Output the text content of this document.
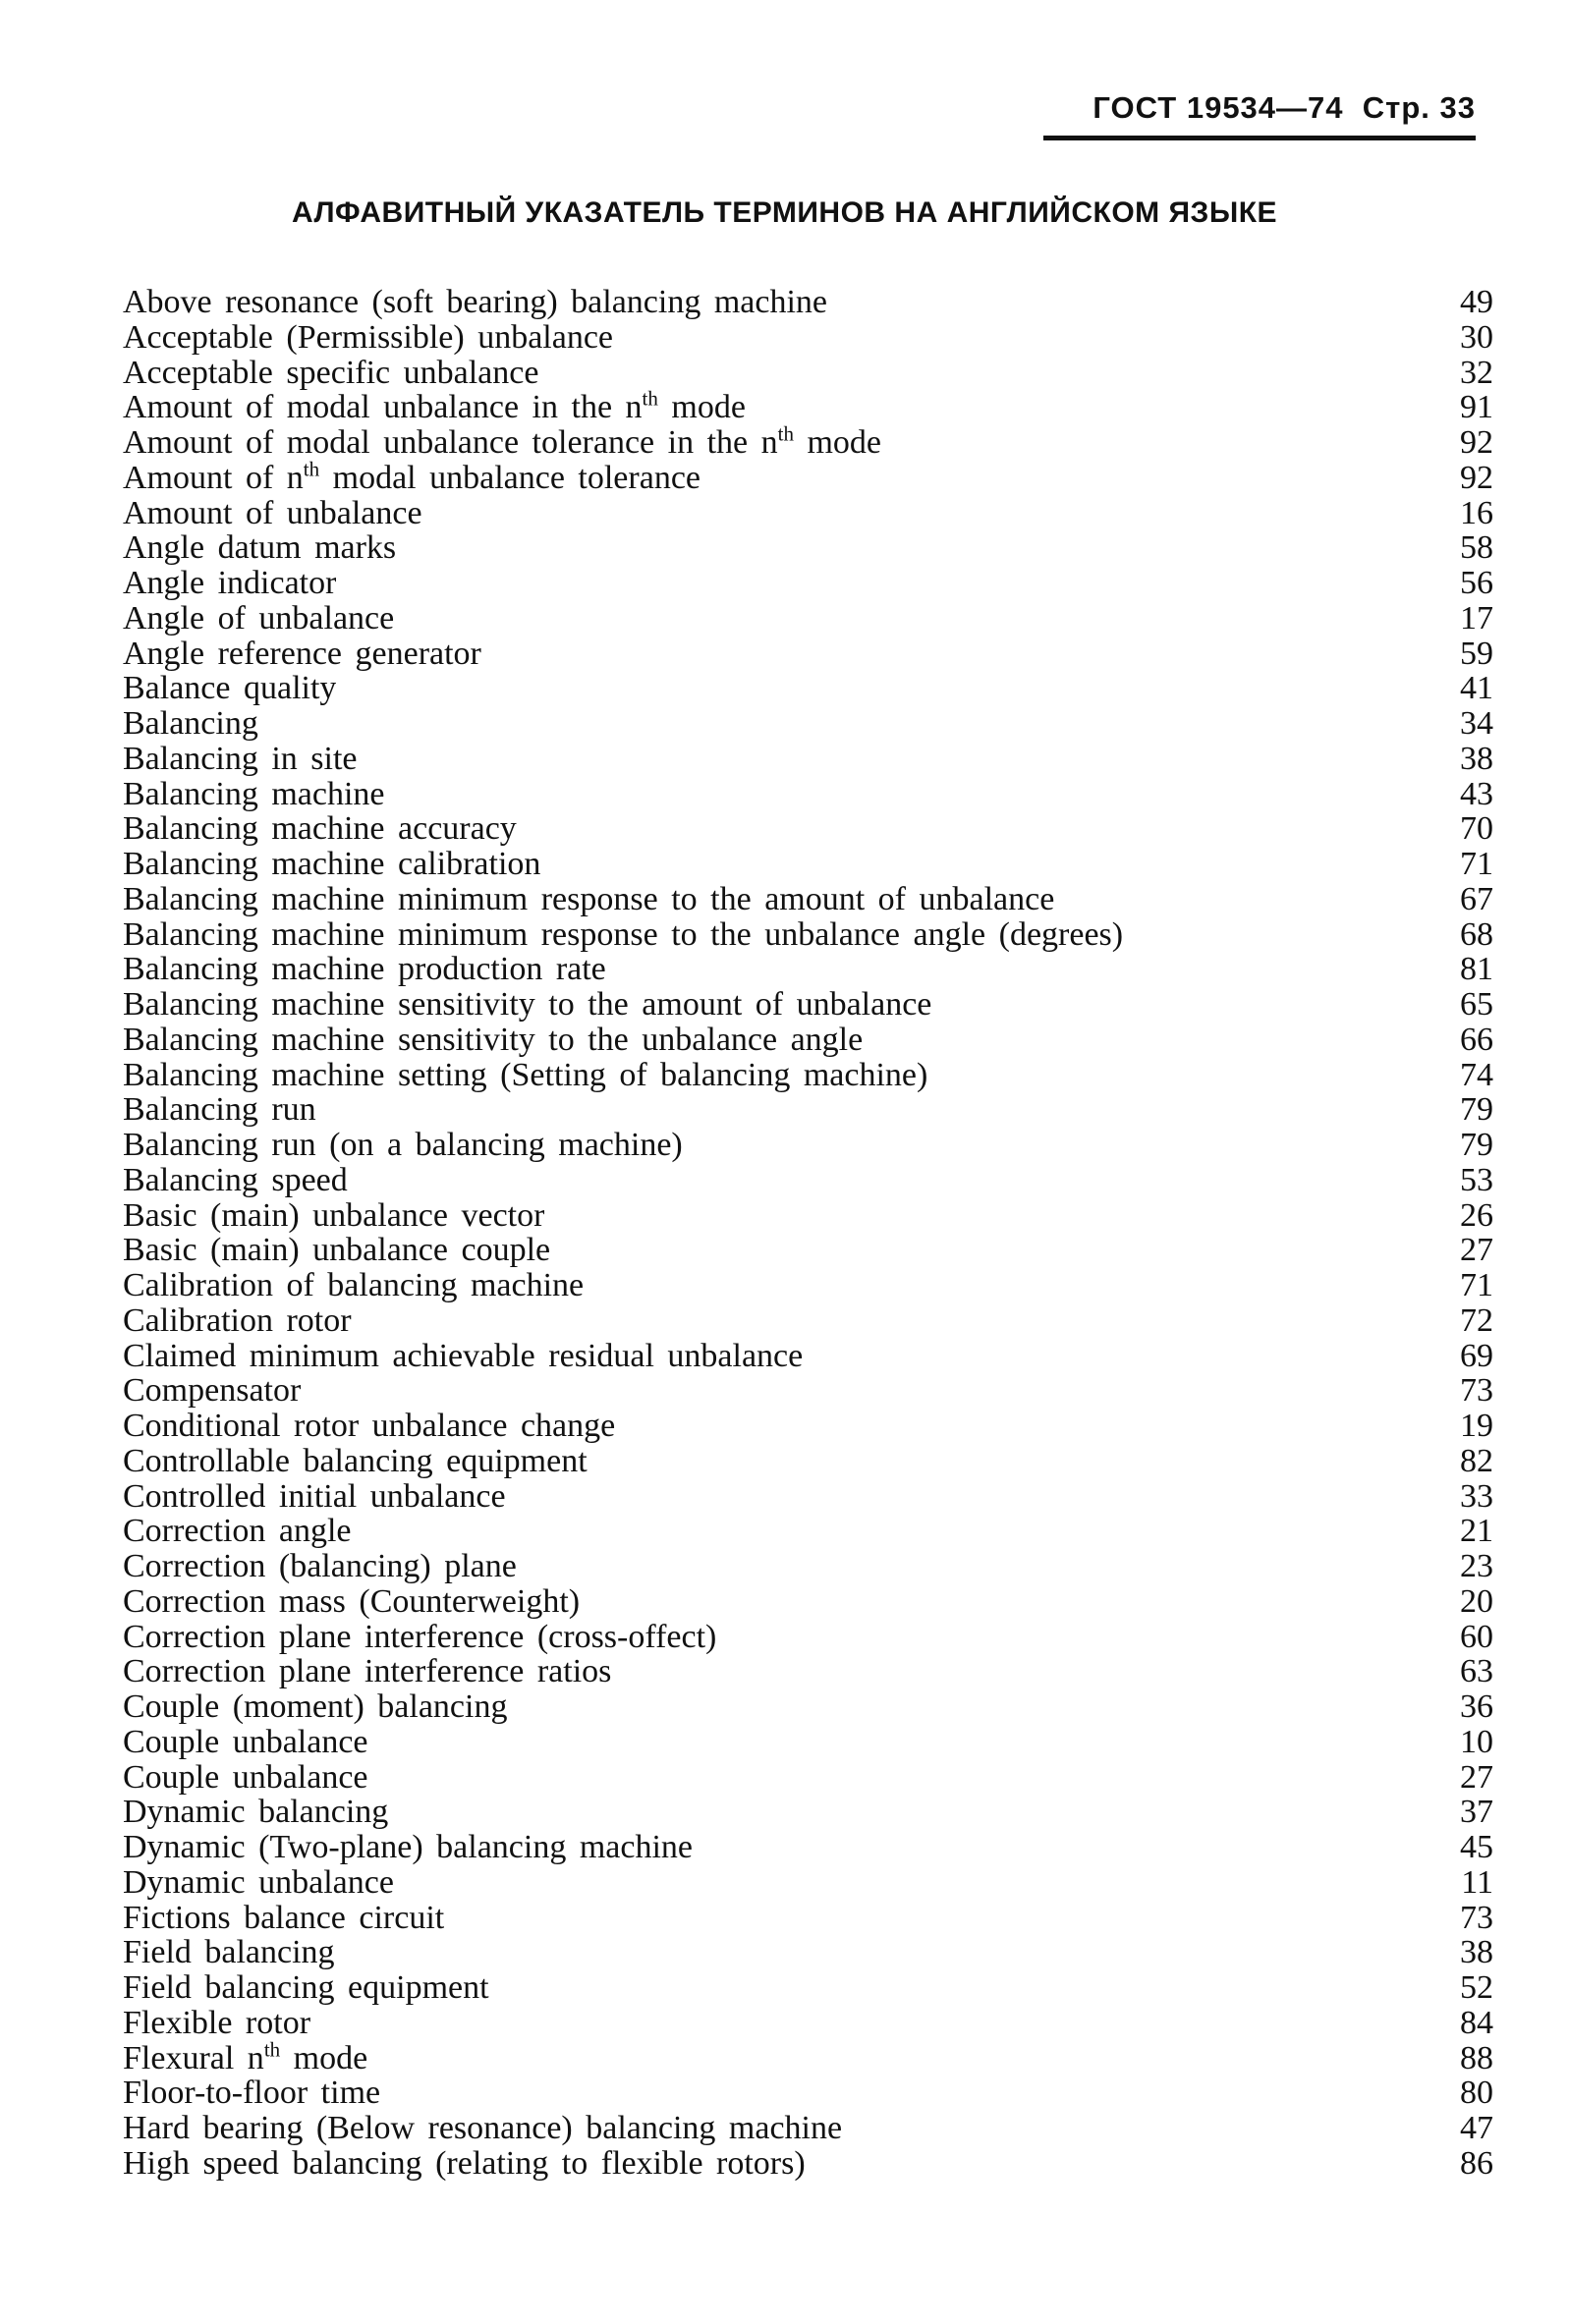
ГОСТ 19534—74 Стр. 33
АЛФАВИТНЫЙ УКАЗАТЕЛЬ ТЕРМИНОВ НА АНГЛИЙСКОМ ЯЗЫКЕ
Above resonance (soft bearing) balancing machine	49
Acceptable (Permissible) unbalance	30
Acceptable specific unbalance	32
Amount of modal unbalance in the $n^{th}$ mode	91
Amount of modal unbalance tolerance in the $n^{th}$ mode	92
Amount of $n^{th}$ modal unbalance tolerance	92
Amount of unbalance	16
Angle datum marks	58
Angle indicator	56
Angle of unbalance	17
Angle reference generator	59
Balance quality	41
Balancing	34
Balancing in site	38
Balancing machine	43
Balancing machine accuracy	70
Balancing machine calibration	71
Balancing machine minimum response to the amount of unbalance	67
Balancing machine minimum response to the unbalance angle (degrees)	68
Balancing machine production rate	81
Balancing machine sensitivity to the amount of unbalance	65
Balancing machine sensitivity to the unbalance angle	66
Balancing machine setting (Setting of balancing machine)	74
Balancing run	79
Balancing run (on a balancing machine)	79
Balancing speed	53
Basic (main) unbalance vector	26
Basic (main) unbalance couple	27
Calibration of balancing machine	71
Calibration rotor	72
Claimed minimum achievable residual unbalance	69
Compensator	73
Conditional rotor unbalance change	19
Controllable balancing equipment	82
Controlled initial unbalance	33
Correction angle	21
Correction (balancing) plane	23
Correction mass (Counterweight)	20
Correction plane interference (cross-offect)	60
Correction plane interference ratios	63
Couple (moment) balancing	36
Couple unbalance	10
Couple unbalance	27
Dynamic balancing	37
Dynamic (Two-plane) balancing machine	45
Dynamic unbalance	11
Fictions balance circuit	73
Field balancing	38
Field balancing equipment	52
Flexible rotor	84
Flexural $n^{th}$ mode	88
Floor-to-floor time	80
Hard bearing (Below resonance) balancing machine	47
High speed balancing (relating to flexible rotors)	86
